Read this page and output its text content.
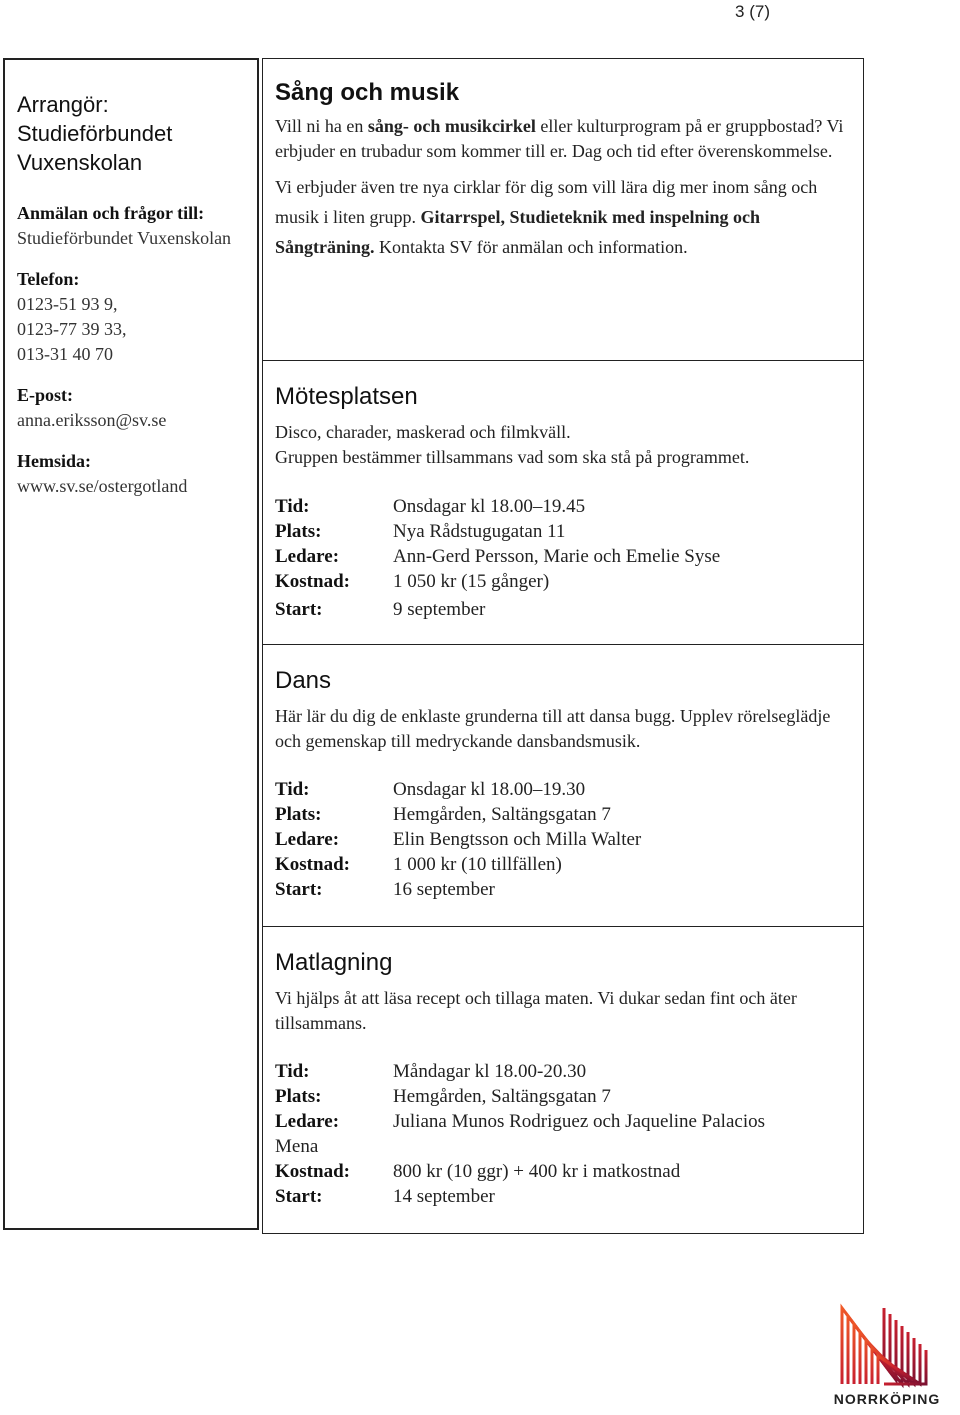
3 (7)
Arrangör: Studieförbundet Vuxenskolan
Anmälan och frågor till:
Studieförbundet Vuxenskolan
Telefon:
0123-51 93 9,
0123-77 39 33,
013-31 40 70
E-post:
anna.eriksson@sv.se
Hemsida:
www.sv.se/ostergotland
Sång och musik
Vill ni ha en sång- och musikcirkel eller kulturprogram på er gruppbostad? Vi erbjuder en trubadur som kommer till er. Dag och tid efter överenskommelse.
Vi erbjuder även tre nya cirklar för dig som vill lära dig mer inom sång och musik i liten grupp. Gitarrspel, Studieteknik med inspelning och Sångträning. Kontakta SV för anmälan och information.
Mötesplatsen
Disco, charader, maskerad och filmkväll.
Gruppen bestämmer tillsammans vad som ska stå på programmet.
Tid:	Onsdagar kl 18.00–19.45
Plats:	Nya Rådstugugatan 11
Ledare:	Ann-Gerd Persson, Marie och Emelie Syse
Kostnad:	1 050 kr (15 gånger)
Start:	9 september
Dans
Här lär du dig de enklaste grunderna till att dansa bugg. Upplev rörelseglädje och gemenskap till medryckande dansbandsmusik.
Tid:	Onsdagar kl 18.00–19.30
Plats:	Hemgården, Saltängsgatan 7
Ledare:	Elin Bengtsson och Milla Walter
Kostnad:	1 000 kr (10 tillfällen)
Start:	16 september
Matlagning
Vi hjälps åt att läsa recept och tillaga maten. Vi dukar sedan fint och äter tillsammans.
Tid:	Måndagar kl 18.00-20.30
Plats:	Hemgården, Saltängsgatan 7
Ledare:	Juliana Munos Rodriguez och Jaqueline Palacios
Mena
Kostnad:	800 kr (10 ggr) + 400 kr i matkostnad
Start:	14 september
NORRKÖPING
